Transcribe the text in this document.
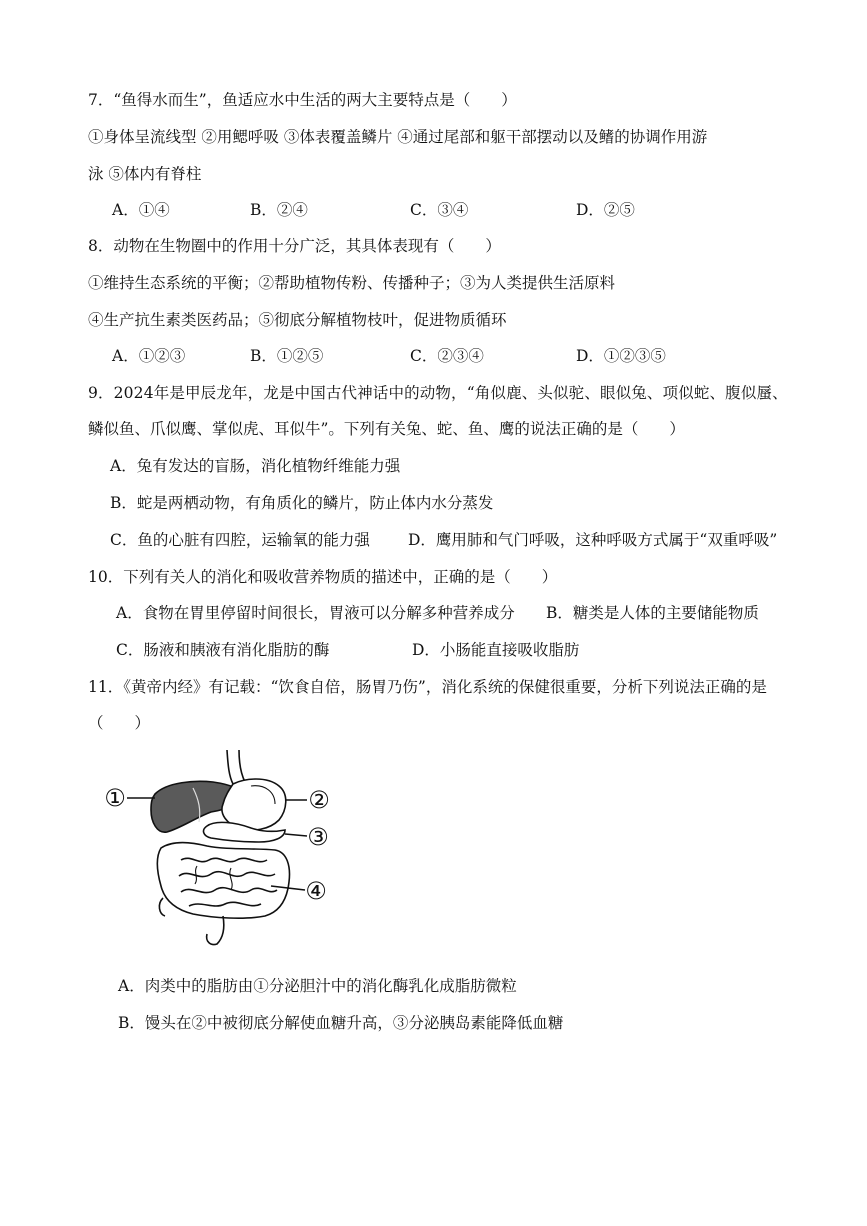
7．“鱼得水而生”，鱼适应水中生活的两大主要特点是（　　）
①身体呈流线型 ②用鳃呼吸 ③体表覆盖鳞片 ④通过尾部和躯干部摆动以及鳍的协调作用游
泳 ⑤体内有脊柱
A．①④	B．②④	C．③④	D．②⑤
8．动物在生物圈中的作用十分广泛，其具体表现有（　　）
①维持生态系统的平衡；②帮助植物传粉、传播种子；③为人类提供生活原料
④生产抗生素类医药品；⑤彻底分解植物枝叶，促进物质循环
A．①②③	B．①②⑤	C．②③④	D．①②③⑤
9．2024年是甲辰龙年，龙是中国古代神话中的动物，“角似鹿、头似驼、眼似兔、项似蛇、腹似蜃、
鳞似鱼、爪似鹰、掌似虎、耳似牛”。下列有关兔、蛇、鱼、鹰的说法正确的是（　　）
A．兔有发达的盲肠，消化植物纤维能力强
B．蛇是两栖动物，有角质化的鳞片，防止体内水分蒸发
C．鱼的心脏有四腔，运输氧的能力强 D．鹰用肺和气门呼吸，这种呼吸方式属于“双重呼吸”
10．下列有关人的消化和吸收营养物质的描述中，正确的是（　　）
A．食物在胃里停留时间很长，胃液可以分解多种营养成分 B．糖类是人体的主要储能物质
C．肠液和胰液有消化脂肪的酶	D．小肠能直接吸收脂肪
11．《黄帝内经》有记载：“饮食自倍，肠胃乃伤”，消化系统的保健很重要，分析下列说法正确的是
（　　）
①	②
③
④
A．肉类中的脂肪由①分泌胆汁中的消化酶乳化成脂肪微粒
B．馒头在②中被彻底分解使血糖升高，③分泌胰岛素能降低血糖
